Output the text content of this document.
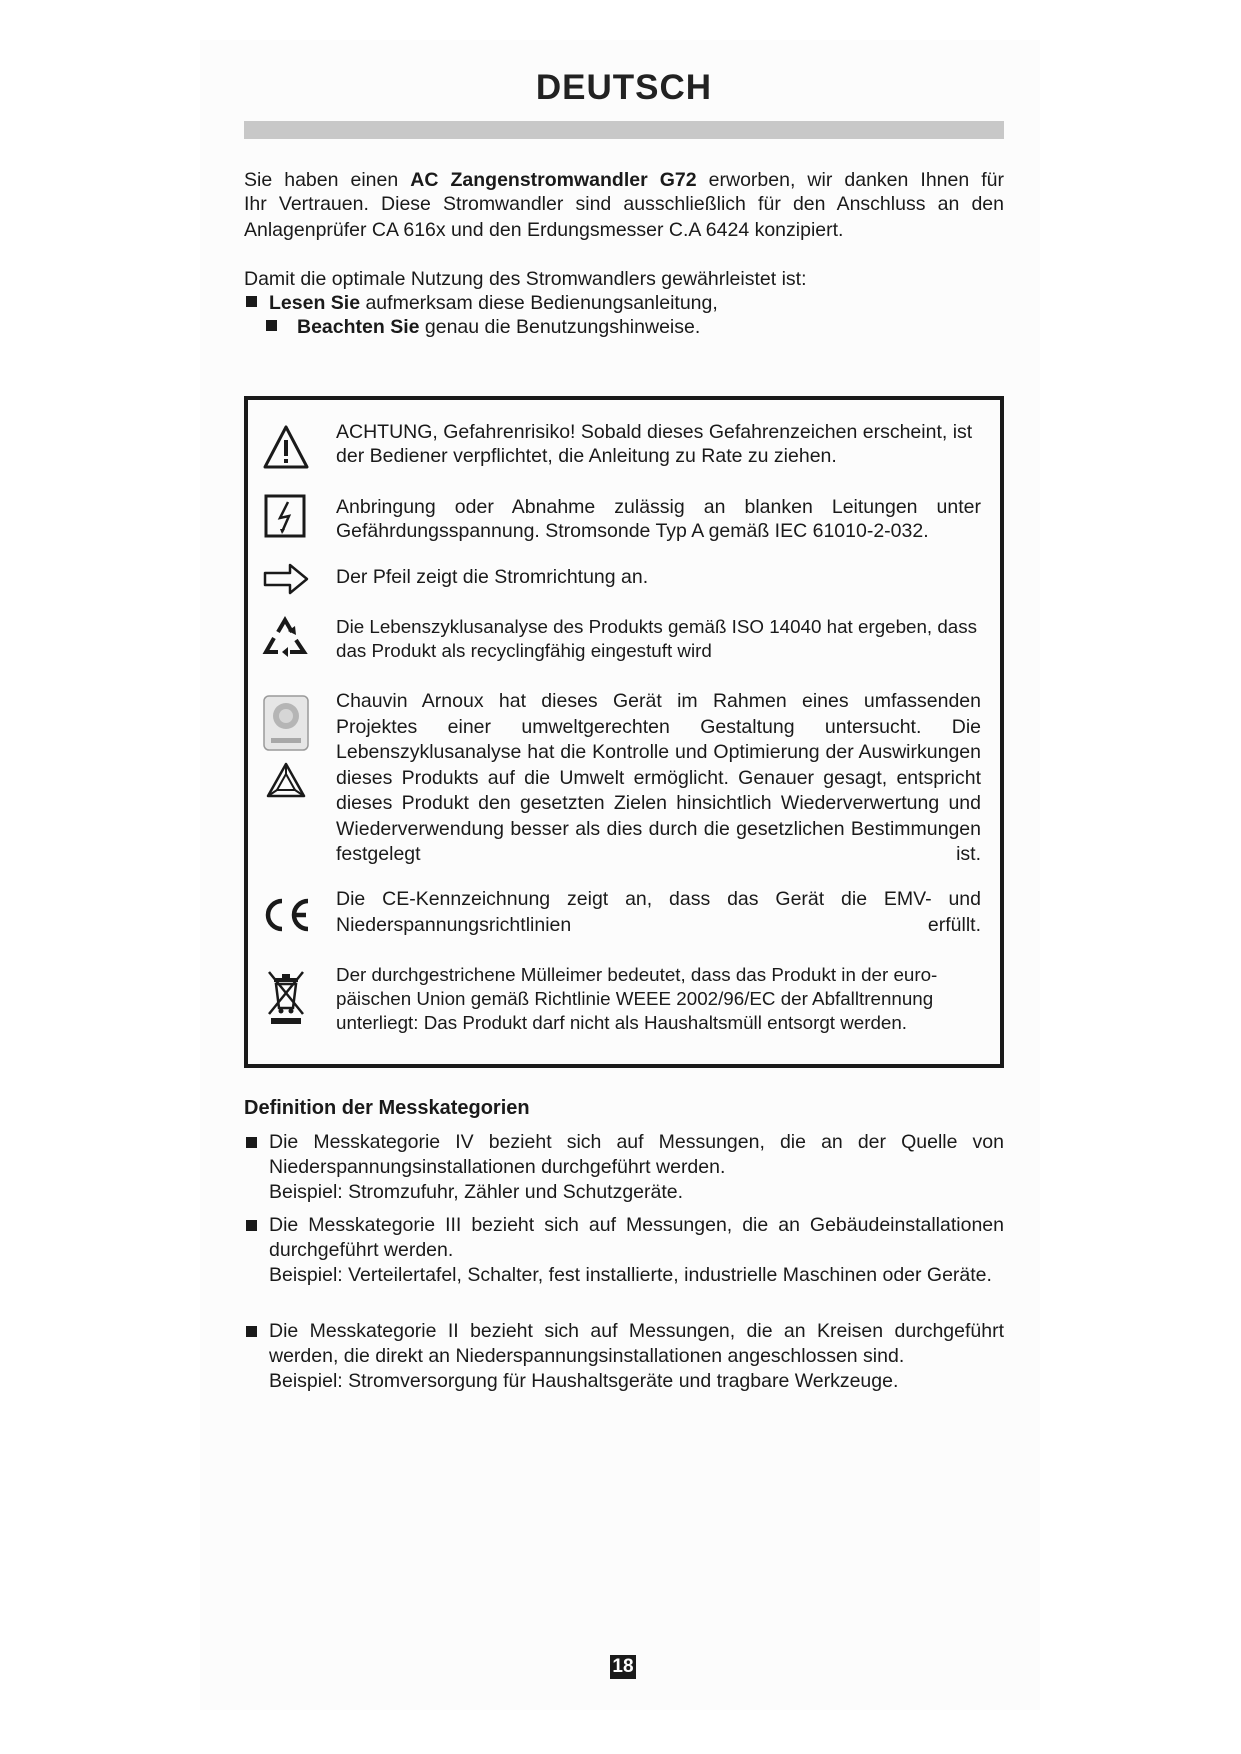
DEUTSCH
Sie haben einen AC Zangenstromwandler G72 erworben, wir danken Ihnen für
Ihr Vertrauen. Diese Stromwandler sind ausschließlich für den Anschluss an den
Anlagenprüfer CA 616x und den Erdungsmesser C.A 6424 konzipiert.
Damit die optimale Nutzung des Stromwandlers gewährleistet ist:
Lesen Sie aufmerksam diese Bedienungsanleitung,
Beachten Sie genau die Benutzungshinweise.
ACHTUNG, Gefahrenrisiko! Sobald dieses Gefahrenzeichen erscheint, ist der Bediener verpflichtet, die Anleitung zu Rate zu ziehen.
Anbringung oder Abnahme zulässig an blanken Leitungen unter
Gefährdungsspannung. Stromsonde Typ A gemäß IEC 61010-2-032.
Der Pfeil zeigt die Stromrichtung an.
Die Lebenszyklusanalyse des Produkts gemäß ISO 14040 hat ergeben, dass das Produkt als recyclingfähig eingestuft wird
Chauvin Arnoux hat dieses Gerät im Rahmen eines umfassenden Projektes einer umweltgerechten Gestaltung untersucht. Die Lebenszyklusanalyse hat die Kontrolle und Optimierung der Auswirkungen dieses Produkts auf die Umwelt ermöglicht. Genauer gesagt, entspricht dieses Produkt den gesetzten Zielen hinsichtlich Wiederverwertung und Wiederverwendung besser als dies durch die gesetzlichen Bestimmungen festgelegt ist.
Die CE-Kennzeichnung zeigt an, dass das Gerät die EMV- und Niederspannungsrichtlinien erfüllt.
Der durchgestrichene Mülleimer bedeutet, dass das Produkt in der euro-päischen Union gemäß Richtlinie WEEE 2002/96/EC der Abfalltrennung unterliegt: Das Produkt darf nicht als Haushaltsmüll entsorgt werden.
Definition der Messkategorien
Die Messkategorie IV bezieht sich auf Messungen, die an der Quelle von Niederspannungsinstallationen durchgeführt werden.
Beispiel: Stromzufuhr, Zähler und Schutzgeräte.
Die Messkategorie III bezieht sich auf Messungen, die an Gebäudeinstallationen durchgeführt werden.
Beispiel: Verteilertafel, Schalter, fest installierte, industrielle Maschinen oder Geräte.
Die Messkategorie II bezieht sich auf Messungen, die an Kreisen durchgeführt werden, die direkt an Niederspannungsinstallationen angeschlossen sind.
Beispiel: Stromversorgung für Haushaltsgeräte und tragbare Werkzeuge.
18
